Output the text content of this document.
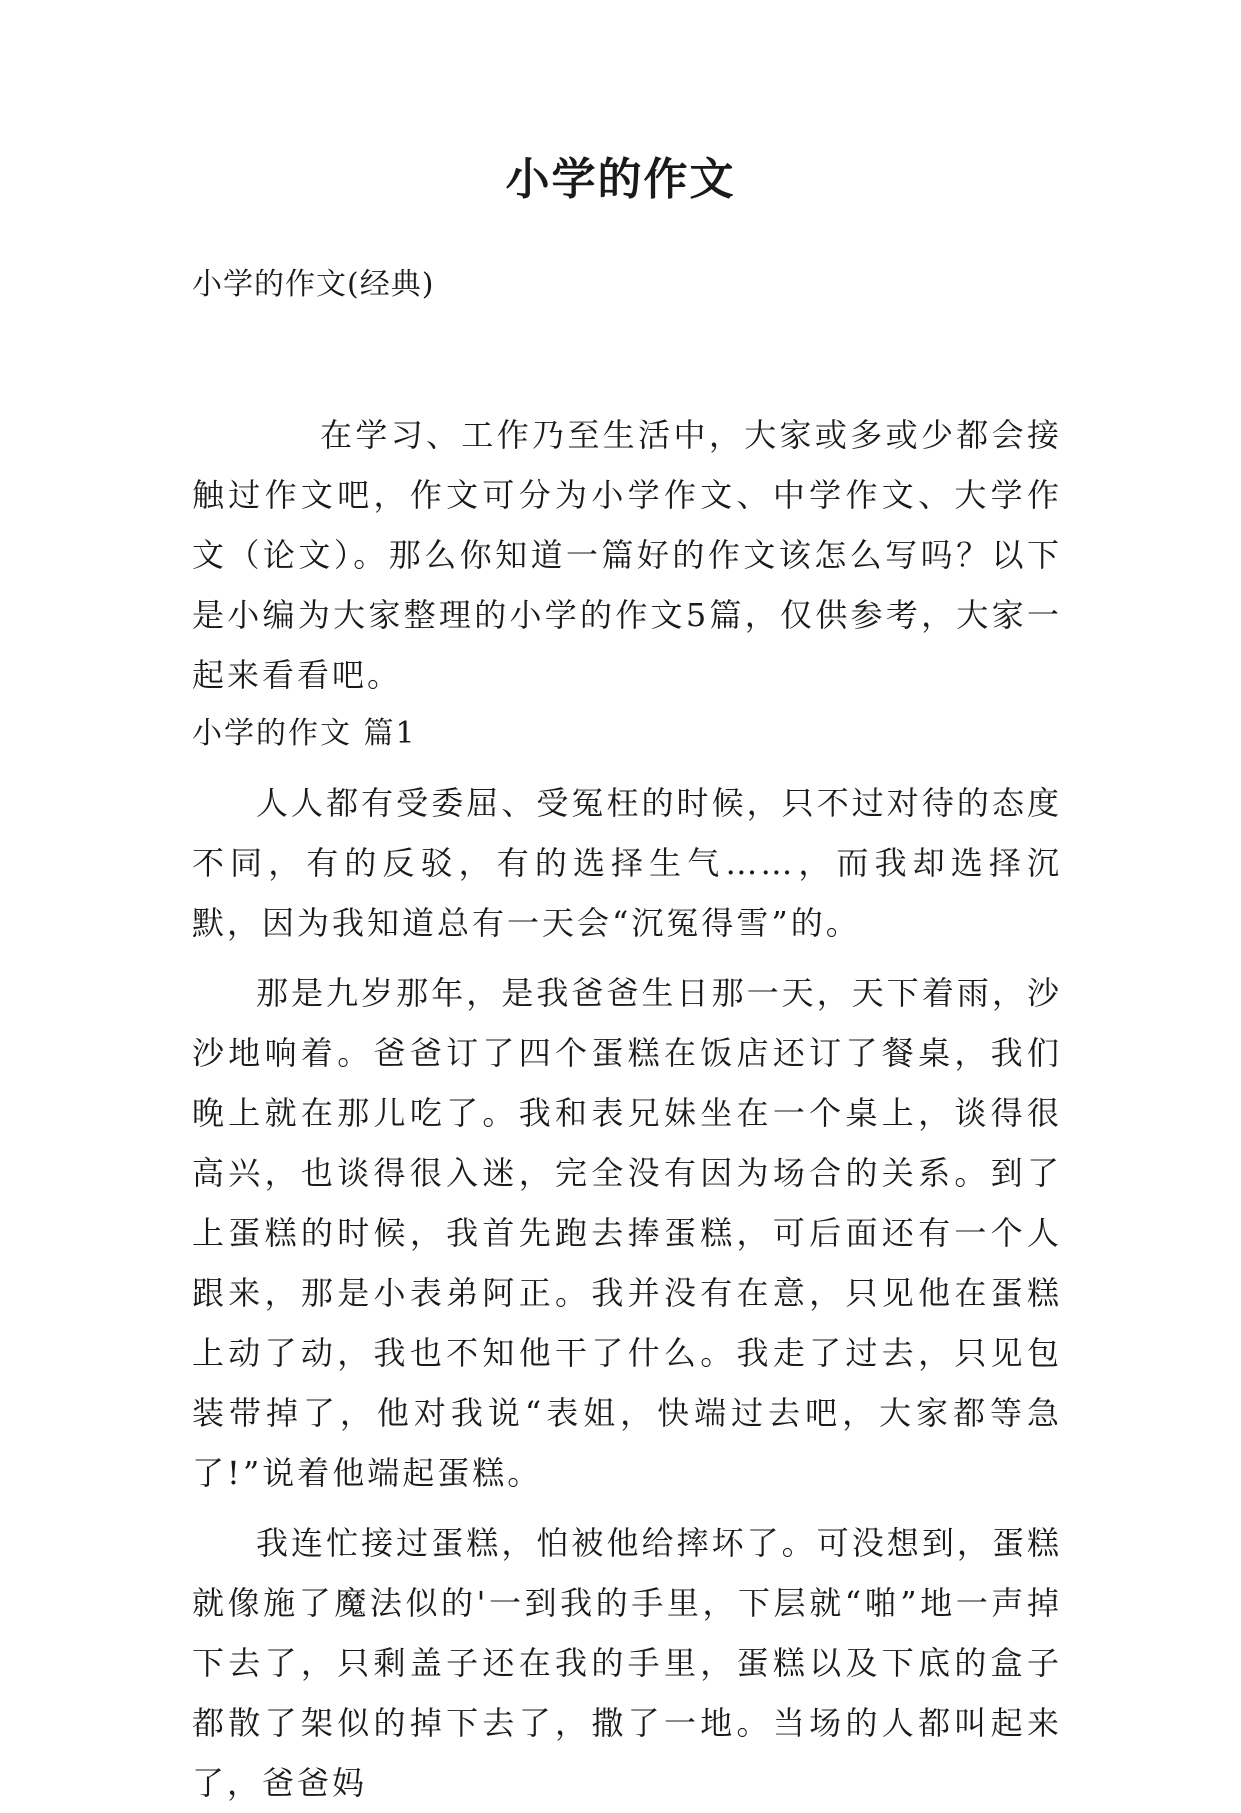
小学的作文

小学的作文(经典)

在学习、工作乃至生活中，大家或多或少都会接触过作文吧，作文可分为小学作文、中学作文、大学作文（论文）。那么你知道一篇好的作文该怎么写吗？以下是小编为大家整理的小学的作文5篇，仅供参考，大家一起来看看吧。

小学的作文 篇1

人人都有受委屈、受冤枉的时候，只不过对待的态度不同，有的反驳，有的选择生气……，而我却选择沉默，因为我知道总有一天会“沉冤得雪”的。

那是九岁那年，是我爸爸生日那一天，天下着雨，沙沙地响着。爸爸订了四个蛋糕在饭店还订了餐桌，我们晚上就在那儿吃了。我和表兄妹坐在一个桌上，谈得很高兴，也谈得很入迷，完全没有因为场合的关系。到了上蛋糕的时候，我首先跑去捧蛋糕，可后面还有一个人跟来，那是小表弟阿正。我并没有在意，只见他在蛋糕上动了动，我也不知他干了什么。我走了过去，只见包装带掉了，他对我说“表姐，快端过去吧，大家都等急了!”说着他端起蛋糕。

我连忙接过蛋糕，怕被他给摔坏了。可没想到，蛋糕就像施了魔法似的'一到我的手里，下层就“啪”地一声掉下去了，只剩盖子还在我的手里，蛋糕以及下底的盒子都散了架似的掉下去了，撒了一地。当场的人都叫起来了，爸爸妈
